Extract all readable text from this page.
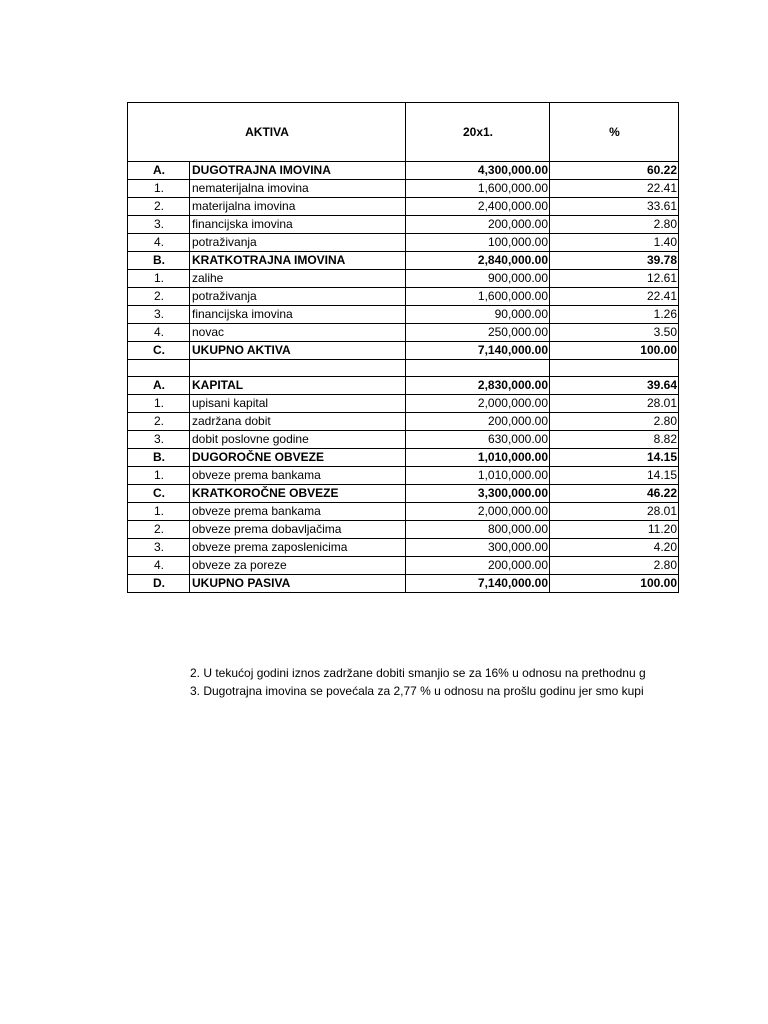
AKTIVA		20x1.	%
A.	DUGOTRAJNA IMOVINA	4,300,000.00	60.22
1.	nematerijalna imovina	1,600,000.00	22.41
2.	materijalna imovina	2,400,000.00	33.61
3.	financijska imovina	200,000.00	2.80
4.	potraživanja	100,000.00	1.40
B.	KRATKOTRAJNA IMOVINA	2,840,000.00	39.78
1.	zalihe	900,000.00	12.61
2.	potraživanja	1,600,000.00	22.41
3.	financijska imovina	90,000.00	1.26
4.	novac	250,000.00	3.50
C.	UKUPNO AKTIVA	7,140,000.00	100.00

A.	KAPITAL	2,830,000.00	39.64
1.	upisani kapital	2,000,000.00	28.01
2.	zadržana dobit	200,000.00	2.80
3.	dobit poslovne godine	630,000.00	8.82
B.	DUGOROČNE OBVEZE	1,010,000.00	14.15
1.	obveze prema bankama	1,010,000.00	14.15
C.	KRATKOROČNE OBVEZE	3,300,000.00	46.22
1.	obveze prema bankama	2,000,000.00	28.01
2.	obveze prema dobavljačima	800,000.00	11.20
3.	obveze prema zaposlenicima	300,000.00	4.20
4.	obveze za poreze	200,000.00	2.80
D.	UKUPNO PASIVA	7,140,000.00	100.00

2. U tekućoj godini iznos zadržane dobiti smanjio se za 16% u odnosu na prethodnu g

3. Dugotrajna imovina se povećala za 2,77 % u odnosu na prošlu godinu jer smo kupi
